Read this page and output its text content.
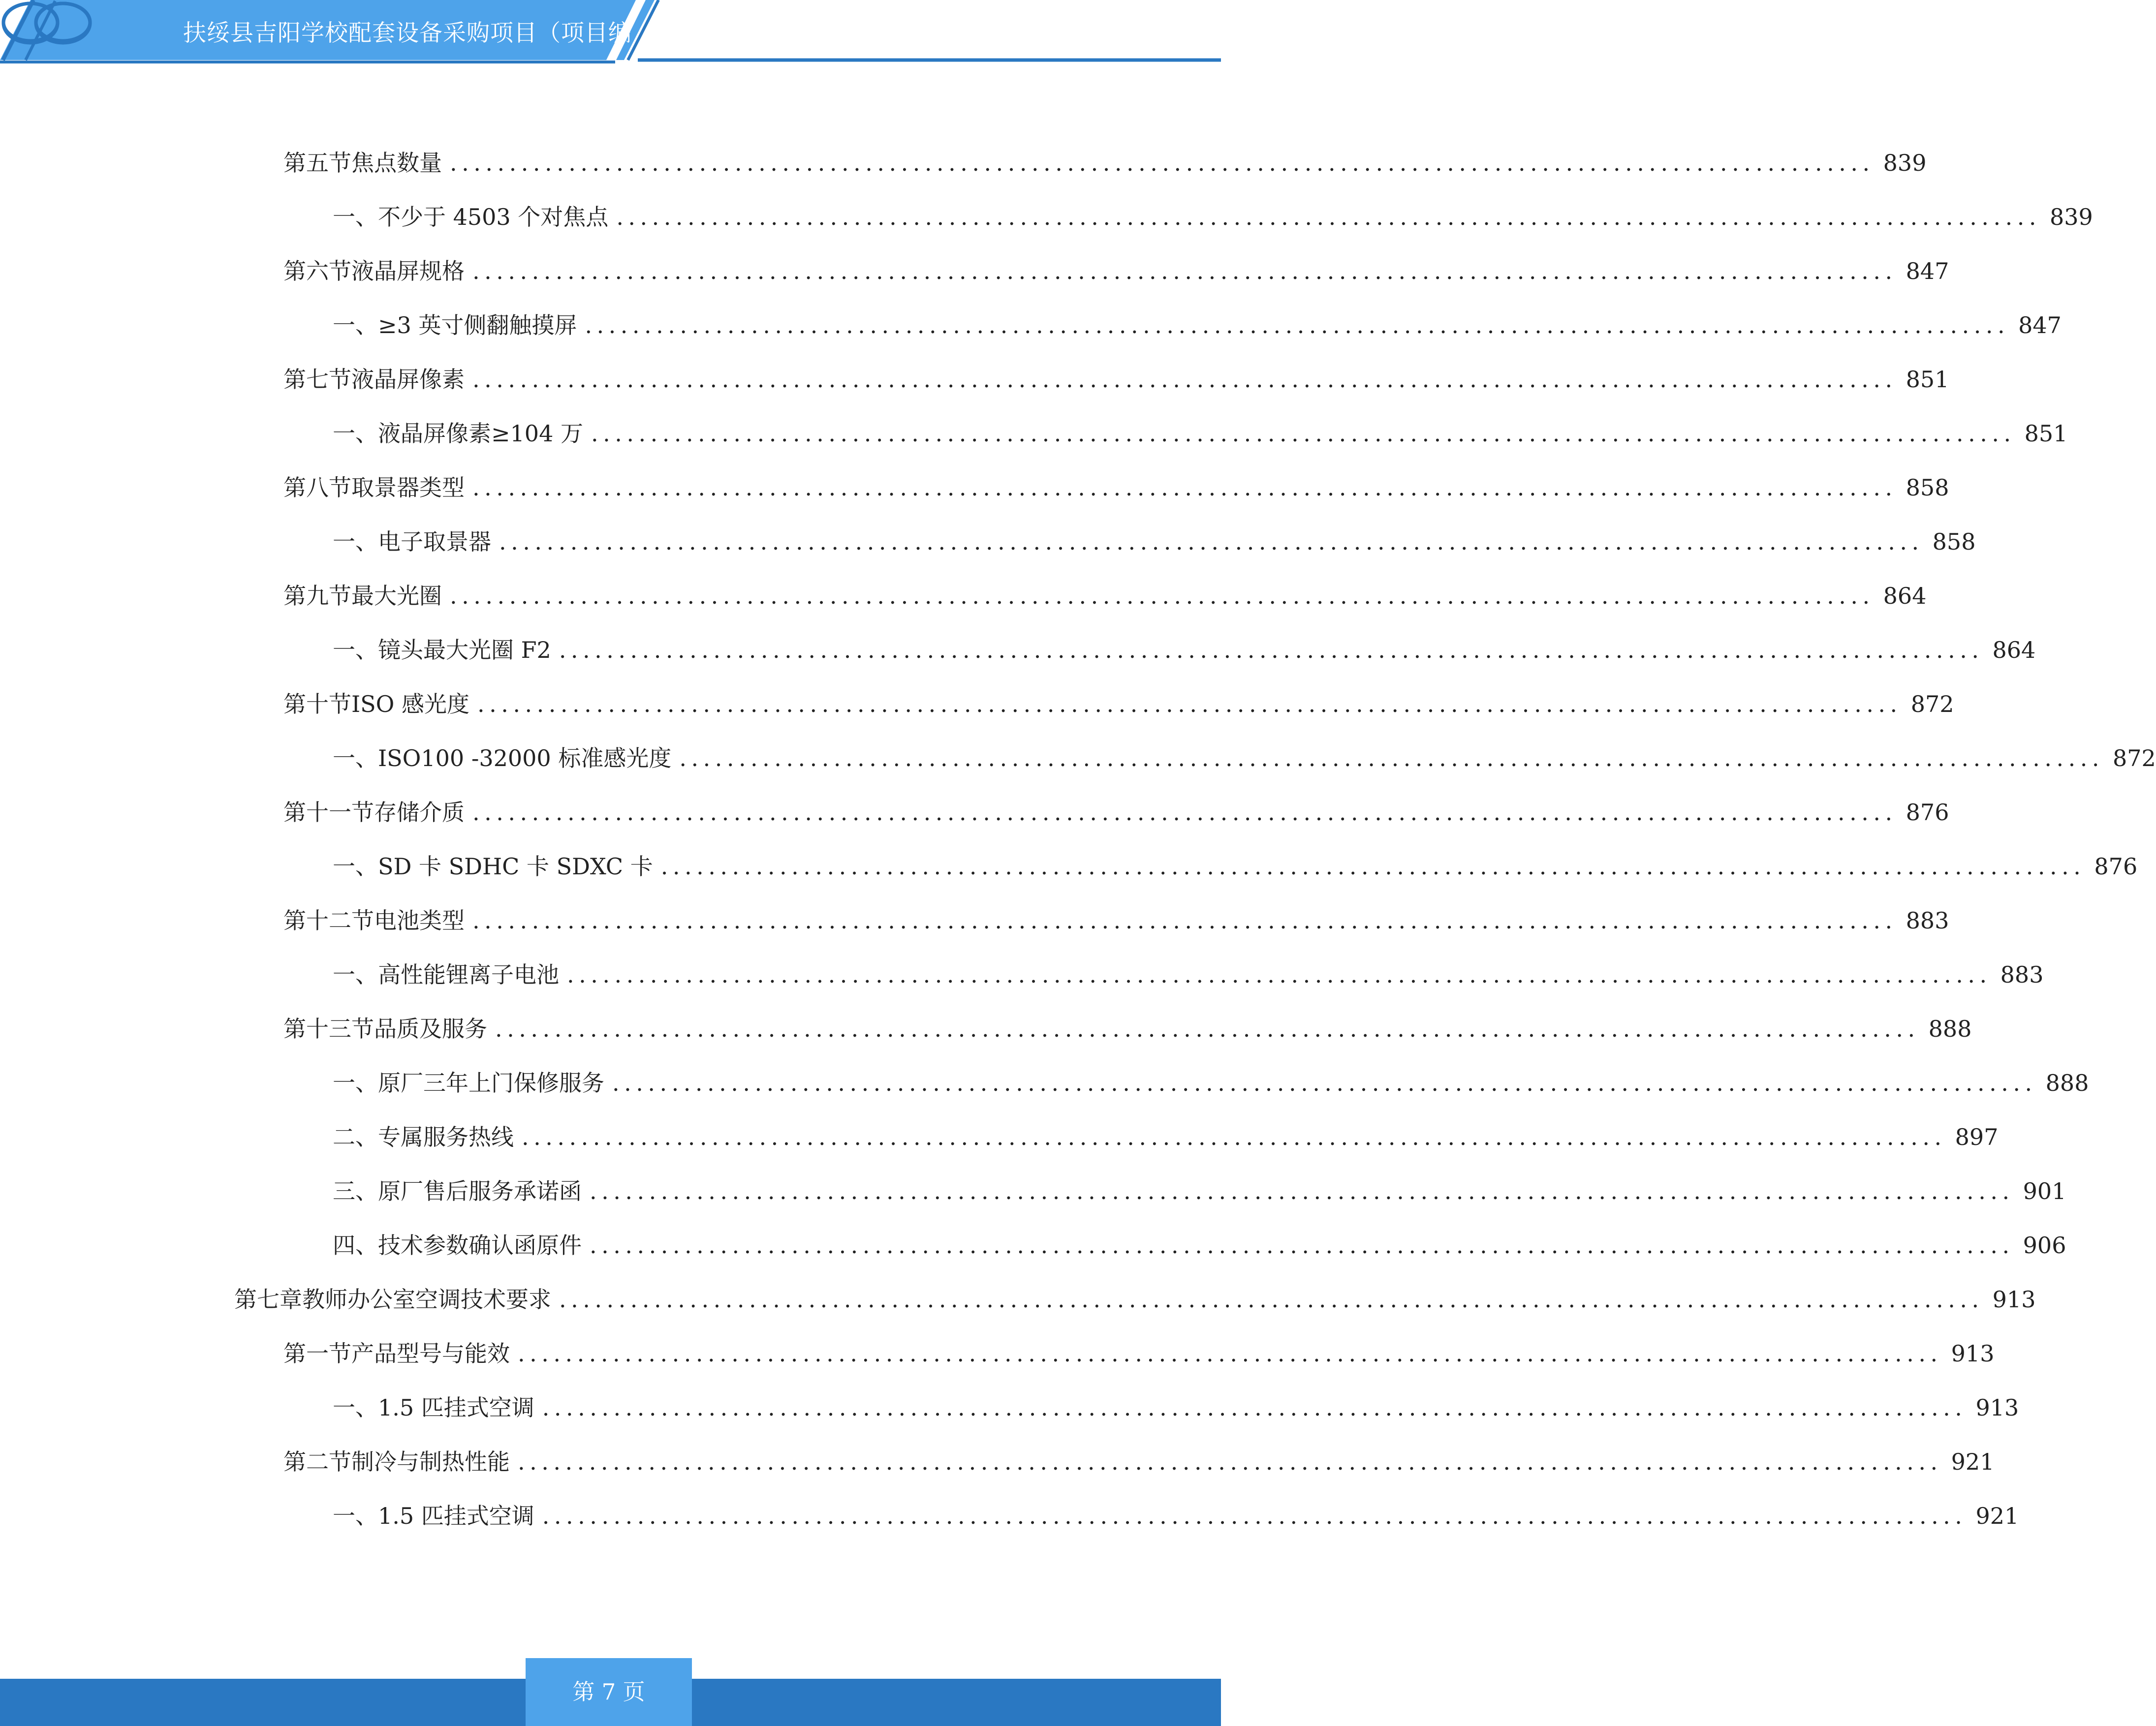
扶绥县吉阳学校配套设备采购项目（项目编
第五节 焦点数量 ........................................................................................................................ 839
一、 不少于 4503 个对焦点 ........................................................................................................................ 839
第六节 液晶屏规格 ........................................................................................................................ 847
一、 ≥3 英寸侧翻触摸屏 ........................................................................................................................ 847
第七节 液晶屏像素 ........................................................................................................................ 851
一、 液晶屏像素≥104 万 ........................................................................................................................ 851
第八节 取景器类型 ........................................................................................................................ 858
一、 电子取景器 ........................................................................................................................ 858
第九节 最大光圈 ........................................................................................................................ 864
一、 镜头最大光圈 F2 ........................................................................................................................ 864
第十节 ISO 感光度 ........................................................................................................................ 872
一、 ISO100 -32000 标准感光度 ........................................................................................................................ 872
第十一节 存储介质 ........................................................................................................................ 876
一、 SD 卡 SDHC 卡 SDXC 卡 ........................................................................................................................ 876
第十二节 电池类型 ........................................................................................................................ 883
一、 高性能锂离子电池 ........................................................................................................................ 883
第十三节 品质及服务 ........................................................................................................................ 888
一、 原厂三年上门保修服务 ........................................................................................................................ 888
二、 专属服务热线 ........................................................................................................................ 897
三、 原厂售后服务承诺函 ........................................................................................................................ 901
四、 技术参数确认函原件 ........................................................................................................................ 906
第七章 教师办公室空调技术要求 ........................................................................................................................ 913
第一节 产品型号与能效 ........................................................................................................................ 913
一、 1.5 匹挂式空调 ........................................................................................................................ 913
第二节 制冷与制热性能 ........................................................................................................................ 921
一、 1.5 匹挂式空调 ........................................................................................................................ 921
第 7 页
